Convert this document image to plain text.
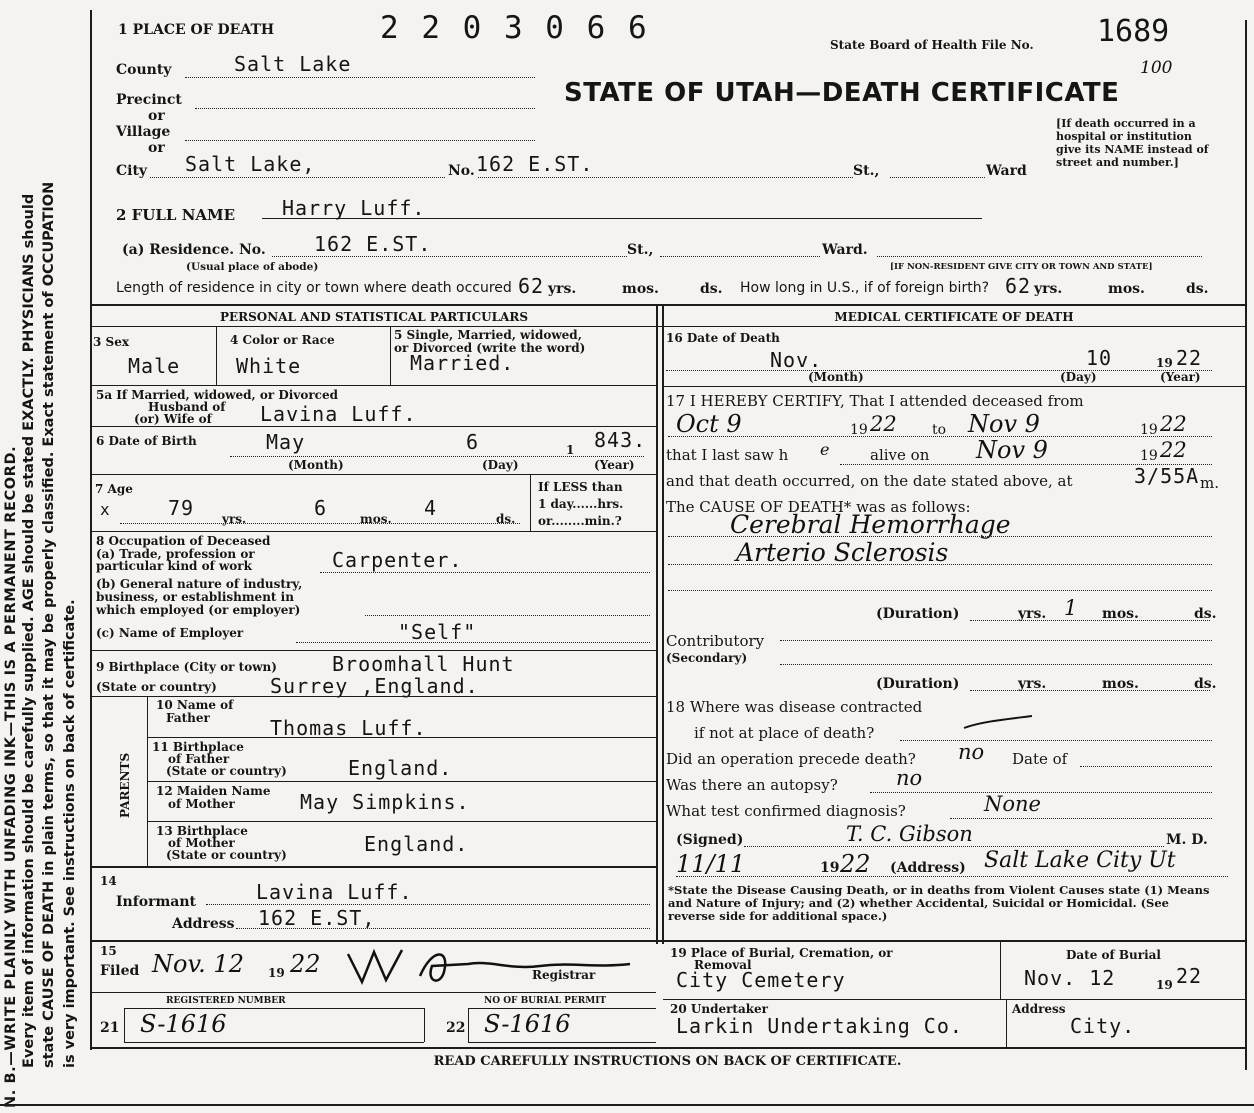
N. B.—WRITE PLAINLY WITH UNFADING INK—THIS IS A PERMANENT RECORD. Every item of information should be carefully supplied. AGE should be stated EXACTLY. PHYSICIANS should state CAUSE OF DEATH in plain terms, so that it may be properly classified. Exact statement of OCCUPATION is very important. See instructions on back of certificate.
1 PLACE OF DEATH	2 2 0 3 0 6 6	State Board of Health File No. 1689
100
STATE OF UTAH—DEATH CERTIFICATE
[If death occurred in a hospital or institution give its NAME instead of street and number.]
County	Salt Lake
Precinct
or
Village
or
City Salt Lake,	No. 162 E.ST.	St.,	Ward
2 FULL NAME Harry Luff.
(a) Residence. No. 162 E.ST.	St.,	Ward.
(Usual place of abode)	[IF NON-RESIDENT GIVE CITY OR TOWN AND STATE]
Length of residence in city or town where death occured 62 yrs.	mos.	ds. How long in U.S., if of foreign birth? 62 yrs.	mos.	ds.
PERSONAL AND STATISTICAL PARTICULARS
3 Sex
Male
4 Color or Race
White
5 Single, Married, widowed,
or Divorced (write the word)
Married.
5a If Married, widowed, or Divorced
Husband of
(or) Wife of Lavina Luff.
6 Date of Birth	May	6	843.
1
(Month)	(Day)	(Year)
7 Age
x	79 yrs.	6	mos. 4	ds.
If LESS than
1 day......hrs.
or........min.?
8 Occupation of Deceased
(a) Trade, profession or
particular kind of work	Carpenter.
(b) General nature of industry,
business, or establishment in
which employed (or employer)
(c) Name of Employer	"Self"
9 Birthplace (City or town)
(State or country)
Broomhall Hunt
Surrey ,England.
PARENTS
10 Name of
Father	Thomas Luff.
11 Birthplace
of Father
(State or country)	England.
12 Maiden Name
of Mother	May Simpkins.
13 Birthplace
of Mother
(State or country)	England.
14
Informant	Lavina Luff.
Address 162 E.ST,
15
Filed Nov. 12 19 22	Registrar
REGISTERED NUMBER	NO OF BURIAL PERMIT
21 S-1616	22 S-1616
MEDICAL CERTIFICATE OF DEATH
16 Date of Death
Nov.	10	19 22
(Month)	(Day)	(Year)
17 I HEREBY CERTIFY, That I attended deceased from
Oct 9	19 22	to Nov 9	19 22
that I last saw h e	alive on Nov 9	19 22
and that death occurred, on the date stated above, at	3/55A m.
The CAUSE OF DEATH* was as follows:
Cerebral Hemorrhage
Arterio Sclerosis
(Duration)	1
yrs.	mos.	ds.
Contributory
(Secondary)
(Duration)	yrs.	mos.	ds.
18 Where was disease contracted
if not at place of death?
Did an operation precede death? no Date of
Was there an autopsy?	no
What test confirmed diagnosis?	None
(Signed)	T. C. Gibson	M. D.
11/11	19 22 (Address) Salt Lake City Ut
*State the Disease Causing Death, or in deaths from Violent Causes state (1) Means and Nature of Injury; and (2) whether Accidental, Suicidal or Homicidal. (See reverse side for additional space.)
19 Place of Burial, Cremation, or
Removal
City Cemetery
Date of Burial
Nov. 12	19 22
20 Undertaker
Larkin Undertaking Co.
Address
City.
READ CAREFULLY INSTRUCTIONS ON BACK OF CERTIFICATE.
